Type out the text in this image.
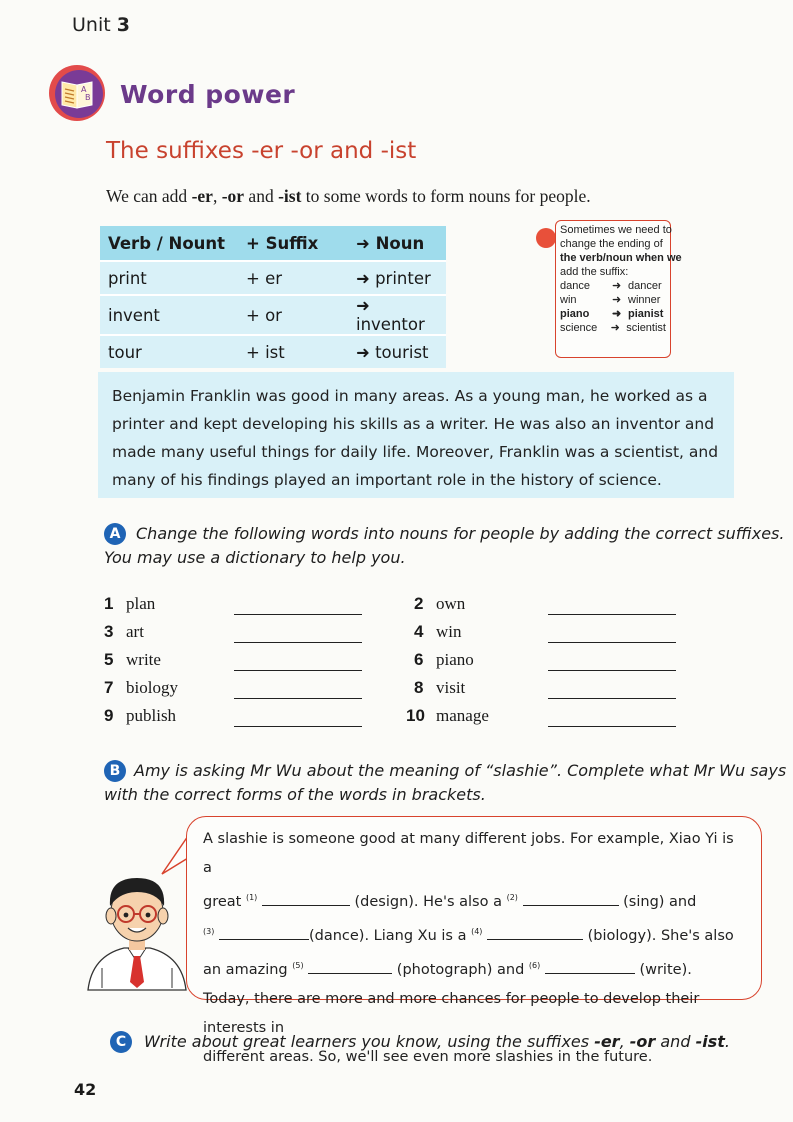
Unit 3
A
B Word power
The suffixes -er -or and -ist
We can add -er, -or and -ist to some words to form nouns for people.
Verb / Nount	+ Suffix	➜ Noun
print	+ er	➜ printer
invent	+ or	➜ inventor
tour	+ ist	➜ tourist
Sometimes we need to
change the ending of
the verb/noun when we
add the suffix:
dance	➜ dancer
win	➜ winner
piano	➜ pianist
science	➜ scientist
Benjamin Franklin was good in many areas. As a young man, he worked as a
printer and kept developing his skills as a writer. He was also an inventor and
made many useful things for daily life. Moreover, Franklin was a scientist, and
many of his findings played an important role in the history of science.
A Change the following words into nouns for people by adding the correct suffixes.
You may use a dictionary to help you.
1 plan
3 art
5 write
7 biology
9 publish
2 own
4 win
6 piano
8 visit
10 manage
B Amy is asking Mr Wu about the meaning of “slashie”. Complete what Mr Wu says
with the correct forms of the words in brackets.
A slashie is someone good at many different jobs. For example, Xiao Yi is a
great $^{(1)}$	(design). He's also a $^{(2)}$	(sing) and
$^{(3)}$	(dance). Liang Xu is a $^{(4)}$	(biology). She's also
an amazing $^{(5)}$	(photograph) and $^{(6)}$	(write).
Today, there are more and more chances for people to develop their interests in
different areas. So, we'll see even more slashies in the future.
C	Write about great learners you know, using the suffixes -er, -or and -ist.
42
